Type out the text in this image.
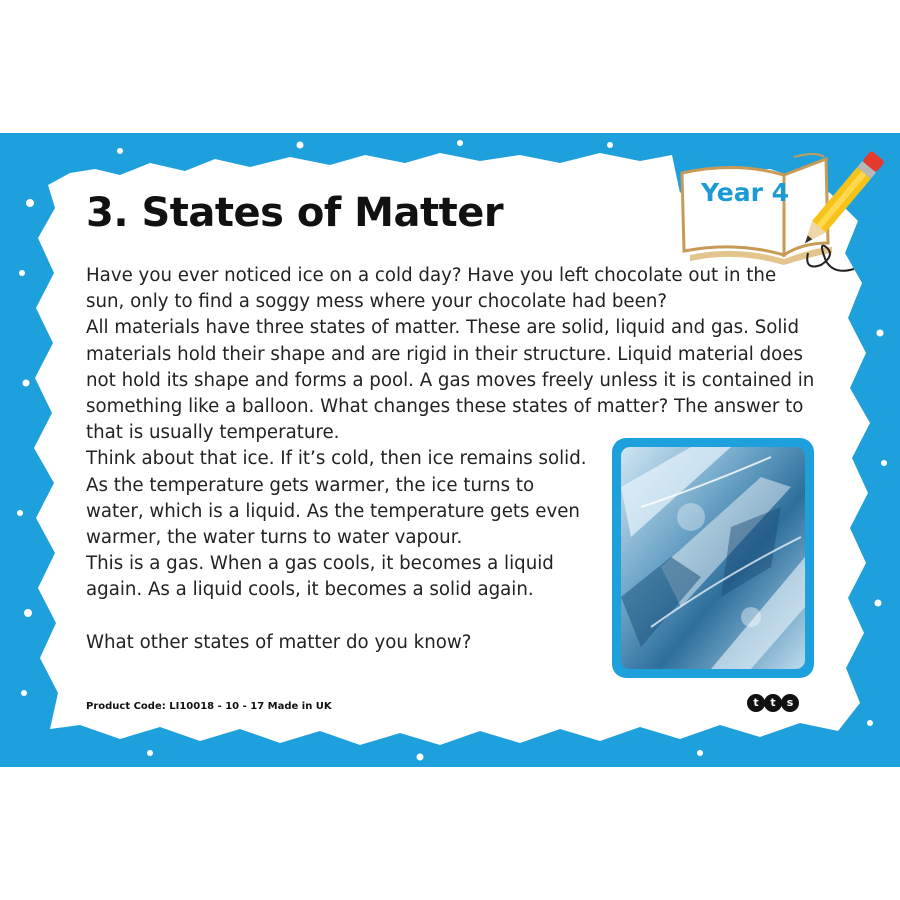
3. States of Matter	Year 4

Have you ever noticed ice on a cold day? Have you left chocolate out in the sun, only to find a soggy mess where your chocolate had been?

All materials have three states of matter. These are solid, liquid and gas. Solid materials hold their shape and are rigid in their structure. Liquid material does not hold its shape and forms a pool. A gas moves freely unless it is contained in something like a balloon. What changes these states of matter? The answer to that is usually temperature.

Think about that ice. If it’s cold, then ice remains solid. As the temperature gets warmer, the ice turns to water, which is a liquid. As the temperature gets even warmer, the water turns to water vapour.

This is a gas. When a gas cools, it becomes a liquid again. As a liquid cools, it becomes a solid again.

What other states of matter do you know?

Product Code: LI10018 - 10 - 17 Made in UK	t	t	s
